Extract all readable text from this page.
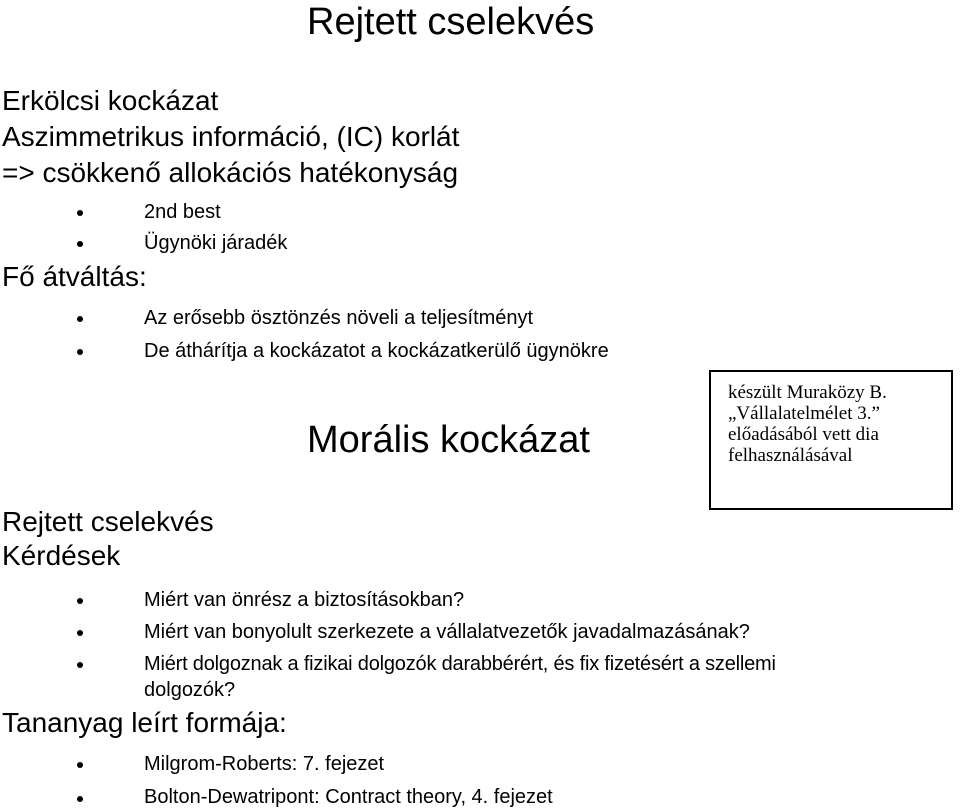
Rejtett cselekvés
Erkölcsi kockázat
Aszimmetrikus információ, (IC) korlát
=> csökkenő allokációs hatékonyság
2nd best
Ügynöki járadék
Fő átváltás:
Az erősebb ösztönzés növeli a teljesítményt
De áthárítja a kockázatot a kockázatkerülő ügynökre
Morális kockázat
készült Muraközy B.
„Vállalatelmélet 3.”
előadásából vett dia
felhasználásával
Rejtett cselekvés
Kérdések
Miért van önrész a biztosításokban?
Miért van bonyolult szerkezete a vállalatvezetők javadalmazásának?
Miért dolgoznak a fizikai dolgozók darabbérért, és fix fizetésért a szellemi
dolgozók?
Tananyag leírt formája:
Milgrom-Roberts: 7. fejezet
Bolton-Dewatripont: Contract theory, 4. fejezet
